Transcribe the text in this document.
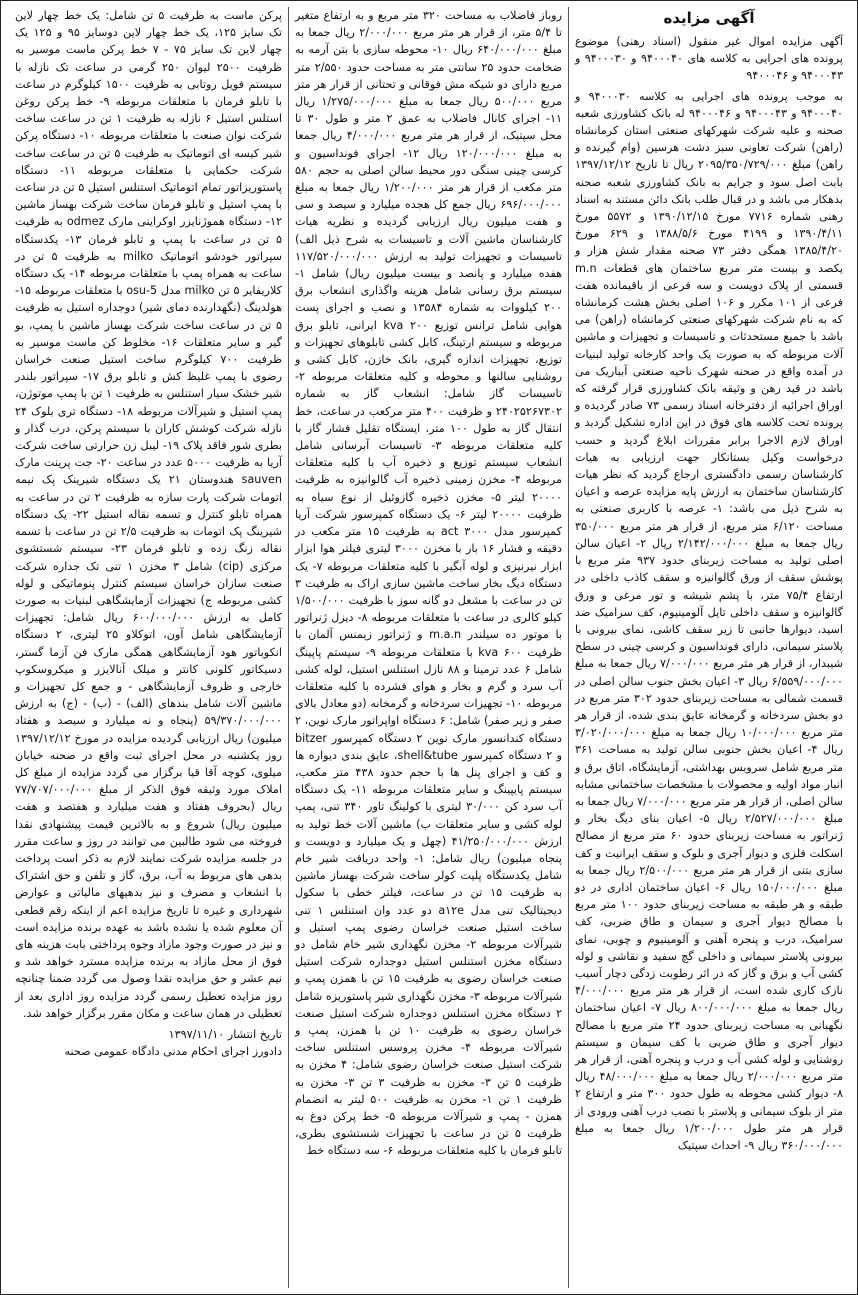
آگهی مزایده

آگهی مزایده اموال غیر منقول (اسناد رهنی) موضوع پرونده های اجرایی به کلاسه های ۹۴۰۰۰۴۰ و ۹۴۰۰۰۳۰ و ۹۴۰۰۰۴۳ و ۹۴۰۰۰۴۶

به موجب پرونده های اجرایی به کلاسه ۹۴۰۰۰۳۰ و ۹۴۰۰۰۴۰ و ۹۴۰۰۰۴۳ و ۹۴۰۰۰۴۶ له بانک کشاورزی شعبه صحنه و علیه شرکت شهرکهای صنعتی استان کرمانشاه (راهن) شرکت تعاونی سبز دشت هرسین (وام گیرنده و راهن) مبلغ ۲۰۹۵/۳۵۰/۷۲۹/۰۰۰ ریال تا تاریخ ۱۳۹۷/۱۲/۱۲ بابت اصل سود و جرایم به بانک کشاورزی شعبه صحنه بدهکار می باشد و در قبال طلب بانک دائن مستند به اسناد رهنی شماره ۷۷۱۶ مورخ ۱۳۹۰/۱۲/۱۵ و ۵۵۷۲ مورخ ۱۳۹۰/۴/۱۱ و ۴۱۹۹ مورخ ۱۳۸۸/۵/۶ و ۶۲۹ مورخ ۱۳۸۵/۴/۲۰ همگی دفتر ۷۳ صحنه مقدار شش هزار و یکصد و بیست متر مربع ساختمان های قطعات m.n قسمتی از پلاک دویست و سه فرعی از باقیمانده هفت فرعی از ۱۰۱ مکرر و ۱۰۶ اصلی بخش هشت کرمانشاه که به نام شرکت شهرکهای صنعتی کرمانشاه (راهن) می باشد با جمیع مستحدثات و تاسیسات و تجهیزات و ماشین آلات مربوطه که به صورت یک واحد کارخانه تولید لبنیات در آمده واقع در صحنه شهرک ناحیه صنعتی آبباریک می باشد در قید رهن و وثیقه بانک کشاورزی قرار گرفته که اوراق اجرائیه از دفترخانه اسناد رسمی ۷۳ صادر گردیده و پرونده تحت کلاسه های فوق در این اداره تشکیل گردید و اوراق لازم الاجرا برابر مقررات ابلاغ گردید و حسب درخواست وکیل بستانکار جهت ارزیابی به هیات کارشناسان رسمی دادگستری ارجاع گردید که نظر هیات کارشناسان ساختمان به ارزش پایه مزایده عرصه و اعیان به شرح ذیل می باشد: ۱- عرصه با کاربری صنعتی به مساحت ۶/۱۲۰ متر مربع، از قرار هر متر مربع ۳۵۰/۰۰۰ ریال جمعا به مبلغ ۲/۱۴۲/۰۰۰/۰۰۰ ریال ۲- اعیان سالن اصلی تولید به مساحت زیربنای حدود ۹۳۷ متر مربع با پوشش سقف از ورق گالوانیزه و سقف کاذب داخلی در ارتفاع ۷۵/۴ متر، با پشم شیشه و تور مرغی و ورق گالوانیزه و سقف داخلی تایل آلومینیوم، کف سرامیک ضد اسید، دیوارها جانبی تا زیر سقف کاشی، نمای بیرونی با پلاستر سیمانی، دارای فونداسیون و کرسی چینی در سطح شیبدار، از قرار هر متر مربع ۷/۰۰۰/۰۰۰ ریال جمعا به مبلغ ۶/۵۵۹/۰۰۰/۰۰۰ ریال ۳- اعیان بخش جنوب سالن اصلی در قسمت شمالی به مساحت زیربنای حدود ۳۰۲ متر مربع در دو بخش سردخانه و گرمخانه عایق بندی شده، از قرار هر متر مربع ۱۰/۰۰۰/۰۰۰ ریال جمعا به مبلغ ۳/۰۲۰/۰۰۰/۰۰۰ ریال ۴- اعیان بخش جنوبی سالن تولید به مساحت ۳۶۱ متر مربع شامل سرویس بهداشتی، آزمایشگاه، اتاق برق و انبار مواد اولیه و محصولات با مشخصات ساختمانی مشابه سالن اصلی، از قرار هر متر مربع ۷/۰۰۰/۰۰۰ ریال جمعا به مبلغ ۲/۵۲۷/۰۰۰/۰۰۰ ریال ۵- اعیان بنای دیگ بخار و ژنراتور به مساحت زیربنای حدود ۶۰ متر مربع از مصالح اسکلت فلزی و دیوار آجری و بلوک و سقف ایرانیت و کف سازی بتنی از قرار هر متر مربع ۲/۵۰۰/۰۰۰ ریال جمعا به مبلغ ۱۵۰/۰۰۰/۰۰۰ ریال ۶- اعیان ساختمان اداری در دو طبقه و هر طبقه به مساحت زیربنای حدود ۱۰۰ متر مربع با مصالح دیوار آجری و سیمان و طاق ضربی، کف سرامیک، درب و پنجره آهنی و آلومینیوم و چوبی، نمای بیرونی پلاستر سیمانی و داخلی گچ سفید و نقاشی و لوله کشی آب و برق و گاز که در اثر رطوبت زدگی دچار آسیب نازک کاری شده است، از قرار هر متر مربع ۴/۰۰۰/۰۰۰ ریال جمعا به مبلغ ۸۰۰/۰۰۰/۰۰۰ ریال ۷- اعیان ساختمان نگهبانی به مساحت زیربنای حدود ۲۴ متر مربع با مصالح دیوار آجری و طاق ضربی با کف سیمان و سیستم روشنایی و لوله کشی آب و درب و پنجره آهنی، از قرار هر متر مربع ۲/۰۰۰/۰۰۰ ریال جمعا به مبلغ ۴۸/۰۰۰/۰۰۰ ریال ۸- دیوار کشی محوطه به طول حدود ۳۰۰ متر و ارتفاع ۲ متر از بلوک سیمانی و پلاستر با نصب درب آهنی ورودی از قرار هر متر طول ۱/۲۰۰/۰۰۰ ریال جمعا به مبلغ ۳۶۰/۰۰۰/۰۰۰ ریال ۹- احداث سپتیک

روباز فاضلاب به مساحت ۳۲۰ متر مربع و به ارتفاع متغیر تا ۵/۴ متر، از قرار هر متر مربع ۲/۰۰۰/۰۰۰ ریال جمعا به مبلغ ۶۴۰/۰۰۰/۰۰۰ ریال ۱۰- محوطه سازی با بتن آرمه به ضخامت حدود ۲۵ سانتی متر به مساحت حدود ۲/۵۵۰ متر مربع دارای دو شیکه مش فوقانی و تحتانی از قرار هر متر مربع ۵۰۰/۰۰۰ ریال جمعا به مبلغ ۱/۲۷۵/۰۰۰/۰۰۰ ریال ۱۱- اجرای کانال فاضلاب به عمق ۲ متر و طول ۳۰ تا محل سپتیک، از قرار هر متر مربع ۴/۰۰۰/۰۰۰ ریال جمعا به مبلغ ۱۲۰/۰۰۰/۰۰۰ ریال ۱۲- اجرای فونداسیون و کرسی چینی سنگی دور محیط سالن اصلی به حجم ۵۸۰ متر مکعب از قرار هر متر ۱/۲۰۰/۰۰۰ ریال جمعا به مبلغ ۶۹۶/۰۰۰/۰۰۰ ریال جمع کل هجده میلیارد و سیصد و سی و هفت میلیون ریال ارزیابی گردیده و نظریه هیات کارشناسان ماشین آلات و تاسیسات به شرح ذیل الف) تاسیسات و تجهیزات تولید به ارزش ۱۱۷/۵۲۰/۰۰۰/۰۰۰ هفده میلیارد و پانصد و بیست میلیون ریال) شامل ۱- سیستم برق رسانی شامل هزینه واگذاری انشعاب برق ۲۰۰ کیلووات به شماره ۱۳۵۸۴ و نصب و اجرای پست هوایی شامل ترانس توزیع ۲۰۰ kva ایرانی، تابلو برق مربوطه و سیستم ارتینگ، کابل کشی تابلوهای تجهیزات و توزیع، تجهیزات اندازه گیری، بانک خازن، کابل کشی و روشنایی سالنها و محوطه و کلیه متعلقات مربوطه ۲- تاسیسات گاز شامل: انشعاب گاز به شماره ۲۴۰۲۵۲۶۷۳۰۲ و ظرفیت ۴۰۰ متر مرکعب در ساعت، خط انتقال گاز به طول ۱۰۰ متر، ایستگاه تقلیل فشار گاز با کلیه متعلقات مربوطه ۳- تاسیسات آبرسانی شامل انشعاب سیستم توزیع و ذخیره آب با کلیه متعلقات مربوطه ۴- مخزن زمینی ذخیره آب گالوانیزه به ظرفیت ۲۰۰۰۰ لیتر ۵- مخزن ذخیره گازوئیل از نوع سیاه به ظرفیت ۲۰۰۰۰ لیتر ۶- یک دستگاه کمپرسور شرکت آریا کمپرسور مدل act ۳۰۰۰ به ظرفیت ۱۵ متر مکعب در دقیقه و فشار ۱۶ بار با مخزن ۳۰۰۰ لیتری فیلتر هوا ابزار ابزار نیرنیزی و لوله آبگیر با کلیه متعلقات مربوطه ۷- یک دستگاه دیگ بخار ساخت ماشین سازی اراک به ظرفیت ۳ تن در ساعت با مشعل دو گانه سوز با ظرفیت ۱/۵۰۰/۰۰۰ کیلو کالری در ساعت با متعلقات مربوطه ۸- دیزل ژنراتور با موتور ده سیلندر m.a.n و ژنراتور زیمنس آلمان با ظرفیت ۶۰۰ kva با متعلقات مربوطه ۹- سیستم پاپینگ شامل ۶ عدد ترمینا و ۸۸ نازل استنلس استیل، لوله کشی آب سرد و گرم و بخار و هوای فشرده با کلیه متعلقات مربوطه ۱۰- تجهیزات سردخانه و گرمخانه (دو معادل بالای صفر و زیر صفر) شامل: ۶ دستگاه اواپراتور مارک نوین، ۲ دستگاه کندانسور مارک نوین ۲ دستگاه کمپرسور bitzer و ۲ دستگاه کمپرسور shell&tube، عایق بندی دیواره ها و کف و اجرای پنل ها با حجم حدود ۴۳۸ متر مکعب، سیستم پایپینگ و سایر متعلقات مربوطه ۱۱- یک دستگاه آب سرد کن ۳۰/۰۰۰ لیتری با کولینگ تاور ۳۴۰ تنی، پمپ لوله کشی و سایر متعلقات ب) ماشین آلات خط تولید به ارزش ۴۱/۲۵۰/۰۰۰/۰۰۰ (چهل و یک میلیارد و دویست و پنجاه میلیون) ریال شامل: ۱- واحد دریافت شیر خام شامل یکدستگاه پلیت کولر ساخت شرکت بهساز ماشین به ظرفیت ۱۵ تن در ساعت، فیلتر خطی با سکول دیجیتالیک تنی مدل a۱۲e دو عدد وان استنلس ۱ تنی ساخت استیل صنعت خراسان رضوی پمپ استیل و شیرآلات مربوطه ۲- مخزن نگهداری شیر خام شامل دو دستگاه مخزن استنلس استیل دوجداره شرکت استیل صنعت خراسان رضوی به ظرفیت ۱۵ تن با همزن پمپ و شیرآلات مربوطه ۳- مخزن نگهداری شیر پاستوریزه شامل ۲ دستگاه مخزن استنلس دوجداره شرکت استیل صنعت خراسان رضوی به ظرفیت ۱۰ تن با همزن، پمپ و شیرآلات مربوطه ۴- مخزن پروسس استنلس ساخت شرکت استیل صنعت خراسان رضوی شامل: ۴ مخزن به ظرفیت ۵ تن ۳- مخزن به ظرفیت ۳ تن ۳- مخزن به ظرفیت ۱ تن ۱- مخزن به ظرفیت ۵۰۰ لیتر به انضمام همزن - پمپ و شیرآلات مربوطه ۵- خط پرکن دوغ به ظرفیت ۵ تن در ساعت با تجهیزات شستشوی بطری، تابلو فرمان با کلیه متعلقات مربوطه ۶- سه دستگاه خط

پرکن ماست به ظرفیت ۵ تن شامل: یک خط چهار لاین تک سایز ۱۲۵، یک خط چهار لاین دوسایز ۹۵ و ۱۲۵ یک چهار لاین تک سایز ۷۵ - ۷ خط پرکن ماست موسیر به ظرفیت ۲۵۰۰ لیوان ۲۵۰ گرمی در ساعت تک نازله با سیستم فویل روتابی به ظرفیت ۱۵۰۰ کیلوگرم در ساعت با تابلو فرمان با متعلقات مربوطه ۹- خط پرکن روغن استلس استیل ۶ نازله به ظرفیت ۱ تن در ساعت ساخت شرکت نوان صنعت با متعلقات مربوطه ۱۰- دستگاه پرکن شیر کیسه ای اتوماتیک به ظرفیت ۵ تن در ساعت ساخت شرکت حکمایی با متعلقات مربوطه ۱۱- دستگاه پاستوریزاتور تمام اتوماتیک استنلس استیل ۵ تن در ساعت با پمپ استیل و تابلو فرمان ساخت شرکت بهساز ماشین ۱۲- دستگاه هموژنایزر اوکراینی مارک odmez به ظرفیت ۵ تن در ساعت با پمپ و تابلو فرمان ۱۳- یکدستگاه سپراتور خودشو اتوماتیک milko به ظرفیت ۵ تن در ساعت به همراه پمپ با متعلقات مربوطه ۱۴- یک دستگاه کلاریفایر ۵ تن milko مدل osu-5 با متعلقات مربوطه ۱۵- هولدینگ (نگهدارنده دمای شیر) دوجداره استیل به ظرفیت ۵ تن در ساعت ساخت شرکت بهساز ماشین با پمپ، بو گیر و سایر متعلقات ۱۶- مخلوط کن ماست موسیر به ظرفیت ۷۰۰ کیلوگرم ساخت استیل صنعت خراسان رضوی با پمپ غلیظ کش و تابلو برق ۱۷- سپراتور بلندر شیر خشک سیار استنلس به ظرفیت ۱ تن با پمپ موتوژن، پمپ استیل و شیرآلات مربوطه ۱۸- دستگاه تری بلوک ۲۴ نازله شرکت کوشش کاران با سیستم پرکن، درب گذار و بطری شور فاقد پلاک ۱۹- لیبل زن حرارتی ساخت شرکت آریا به ظرفیت ۵۰۰۰ عدد در ساعت ۲۰- جت پرینت مارک sauven هندوستان ۲۱ یک دستگاه شیرینک پک نیمه اتومات شرکت پارت سازه به ظرفیت ۲ تن در ساعت به همراه تابلو کنترل و تسمه نقاله استیل ۲۲- یک دستگاه شیرینگ پک اتومات به ظرفیت ۲/۵ تن در ساعت با تسمه نقاله زنگ زده و تابلو فرمان ۲۳- سیستم شستشوی مرکزی (cip) شامل ۳ مخزن ۱ تنی تک جداره شرکت صنعت سازان خراسان سیستم کنترل پنوماتیکی و لوله کشی مربوطه ج) تجهیزات آزمایشگاهی لبنیات به صورت کامل به ارزش ۶۰۰/۰۰۰/۰۰۰ ریال شامل: تجهیزات آزمایشگاهی شامل آون، اتوکلاو ۲۵ لیتری، ۲ دستگاه انکوباتور هود آزمایشگاهی همگی مارک فن آزما گستر، دسیکاتور کلونی کانتر و میلک آنالایزر و میکروسکوپ خارجی و ظروف آزمایشگاهی - و جمع کل تجهیزات و ماشین آلات شامل بندهای (الف) - (ب) - (ج) به ارزش ۵۹/۳۷۰/۰۰۰/۰۰۰ (پنجاه و نه میلیارد و سیصد و هفتاد میلیون) ریال ارزیابی گردیده مزایده در مورخ ۱۳۹۷/۱۲/۱۲ روز یکشنبه در محل اجرای ثبت واقع در صحنه خیابان میلوی، کوچه آقا قیا برگزار می گردد مزایده از مبلغ کل املاک مورد وثیقه فوق الذکر از مبلغ ۷۷/۷۰۷/۰۰۰/۰۰۰ ریال (بحروف هفتاد و هفت میلیارد و هفتصد و هفت میلیون ریال) شروع و به بالاترین قیمت پیشنهادی نقدا فروخته می شود طالبین می توانند در روز و ساعت مقرر در جلسه مزایده شرکت نمایند لازم به ذکر است پرداخت بدهی های مربوط به آب، برق، گاز و تلفن و حق اشتراک با انشعاب و مصرف و نیز بدهیهای مالیاتی و عوارض شهرداری و غیره تا تاریخ مزایده اعم از اینکه رقم قطعی آن معلوم شده یا نشده باشد به عهده برنده مزایده است و نیز در صورت وجود مازاد وجوه پرداختی بابت هزینه های فوق از محل مازاد به برنده مزایده مسترد خواهد شد و نیم عشر و حق مزایده نقدا وصول می گردد ضمنا چنانچه روز مزایده تعطیل رسمی گردد مزایده روز اداری بعد از تعطیلی در همان ساعت و مکان مقرر برگزار خواهد شد.

تاریخ انتشار ۱۳۹۷/۱۱/۱۰
دادورز اجرای احکام مدنی دادگاه عمومی صحنه
